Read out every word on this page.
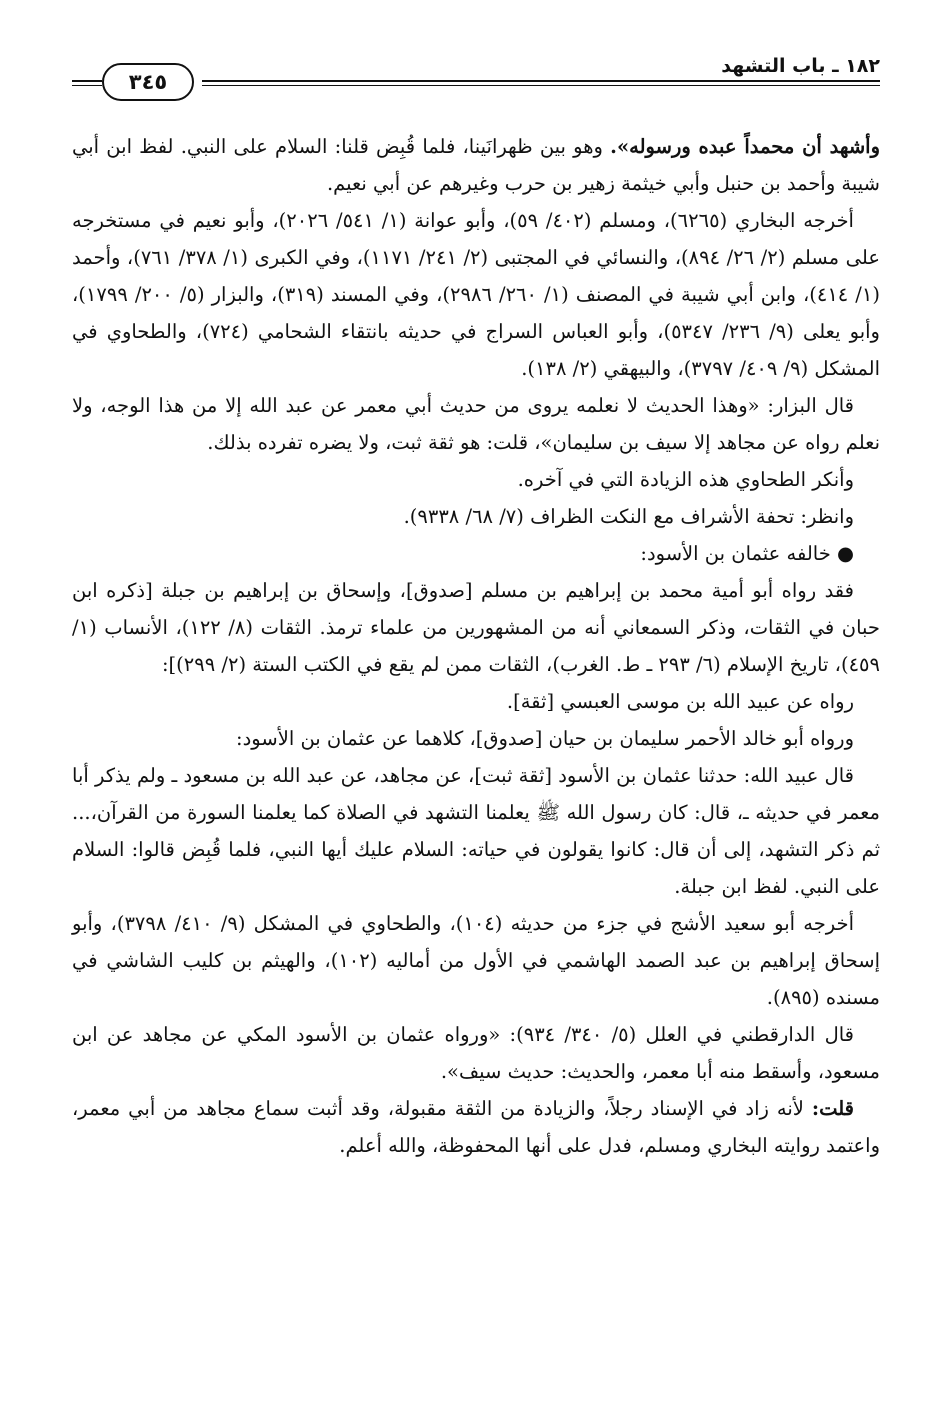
١٨٢ ـ باب التشهد
٣٤٥

وأشهد أن محمداً عبده ورسوله». وهو بين ظهرانَينا، فلما قُبِض قلنا: السلام على النبي. لفظ ابن أبي شيبة وأحمد بن حنبل وأبي خيثمة زهير بن حرب وغيرهم عن أبي نعيم.

أخرجه البخاري (٦٢٦٥)، ومسلم (٤٠٢/ ٥٩)، وأبو عوانة (١/ ٥٤١/ ٢٠٢٦)، وأبو نعيم في مستخرجه على مسلم (٢/ ٢٦/ ٨٩٤)، والنسائي في المجتبى (٢/ ٢٤١/ ١١٧١)، وفي الكبرى (١/ ٣٧٨/ ٧٦١)، وأحمد (١/ ٤١٤)، وابن أبي شيبة في المصنف (١/ ٢٦٠/ ٢٩٨٦)، وفي المسند (٣١٩)، والبزار (٥/ ٢٠٠/ ١٧٩٩)، وأبو يعلى (٩/ ٢٣٦/ ٥٣٤٧)، وأبو العباس السراج في حديثه بانتقاء الشحامي (٧٢٤)، والطحاوي في المشكل (٩/ ٤٠٩/ ٣٧٩٧)، والبيهقي (٢/ ١٣٨).

قال البزار: «وهذا الحديث لا نعلمه يروى من حديث أبي معمر عن عبد الله إلا من هذا الوجه، ولا نعلم رواه عن مجاهد إلا سيف بن سليمان»، قلت: هو ثقة ثبت، ولا يضره تفرده بذلك.

وأنكر الطحاوي هذه الزيادة التي في آخره.

وانظر: تحفة الأشراف مع النكت الظراف (٧/ ٦٨/ ٩٣٣٨).

● خالفه عثمان بن الأسود:

فقد رواه أبو أمية محمد بن إبراهيم بن مسلم [صدوق]، وإسحاق بن إبراهيم بن جبلة [ذكره ابن حبان في الثقات، وذكر السمعاني أنه من المشهورين من علماء ترمذ. الثقات (٨/ ١٢٢)، الأنساب (١/ ٤٥٩)، تاريخ الإسلام (٦/ ٢٩٣ ـ ط. الغرب)، الثقات ممن لم يقع في الكتب الستة (٢/ ٢٩٩)]:

رواه عن عبيد الله بن موسى العبسي [ثقة].

ورواه أبو خالد الأحمر سليمان بن حيان [صدوق]، كلاهما عن عثمان بن الأسود:

قال عبيد الله: حدثنا عثمان بن الأسود [ثقة ثبت]، عن مجاهد، عن عبد الله بن مسعود ـ ولم يذكر أبا معمر في حديثه ـ، قال: كان رسول الله ﷺ يعلمنا التشهد في الصلاة كما يعلمنا السورة من القرآن،... ثم ذكر التشهد، إلى أن قال: كانوا يقولون في حياته: السلام عليك أيها النبي، فلما قُبِض قالوا: السلام على النبي. لفظ ابن جبلة.

أخرجه أبو سعيد الأشج في جزء من حديثه (١٠٤)، والطحاوي في المشكل (٩/ ٤١٠/ ٣٧٩٨)، وأبو إسحاق إبراهيم بن عبد الصمد الهاشمي في الأول من أماليه (١٠٢)، والهيثم بن كليب الشاشي في مسنده (٨٩٥).

قال الدارقطني في العلل (٥/ ٣٤٠/ ٩٣٤): «ورواه عثمان بن الأسود المكي عن مجاهد عن ابن مسعود، وأسقط منه أبا معمر، والحديث: حديث سيف».

قلت: لأنه زاد في الإسناد رجلاً، والزيادة من الثقة مقبولة، وقد أثبت سماع مجاهد من أبي معمر، واعتمد روايته البخاري ومسلم، فدل على أنها المحفوظة، والله أعلم.
